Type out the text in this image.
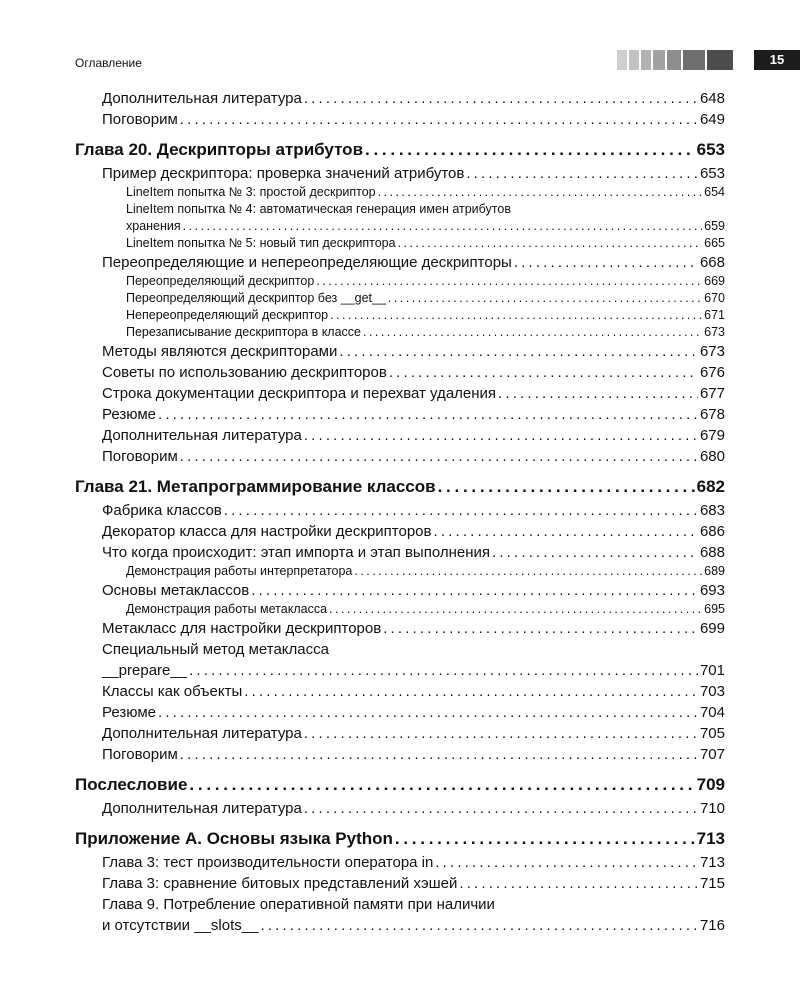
Оглавление	15
Дополнительная литература . . .	648
Поговорим . . .	649
Глава 20. Дескрипторы атрибутов . . .	653
Пример дескриптора: проверка значений атрибутов . . .	653
LineItem попытка № 3: простой дескриптор . . .	654
LineItem попытка № 4: автоматическая генерация имен атрибутов
хранения . . .	659
LineItem попытка № 5: новый тип дескриптора . . .	665
Переопределяющие и непереопределяющие дескрипторы . . .	668
Переопределяющий дескриптор . . .	669
Переопределяющий дескриптор без __get__ . . .	670
Непереопределяющий дескриптор . . .	671
Перезаписывание дескриптора в классе . . .	673
Методы являются дескрипторами . . .	673
Советы по использованию дескрипторов . . .	676
Строка документации дескриптора и перехват удаления . . .	677
Резюме . . .	678
Дополнительная литература . . .	679
Поговорим . . .	680
Глава 21. Метапрограммирование классов . . .	682
Фабрика классов . . .	683
Декоратор класса для настройки дескрипторов . . .	686
Что когда происходит: этап импорта и этап выполнения . . .	688
Демонстрация работы интерпретатора . . .	689
Основы метаклассов . . .	693
Демонстрация работы метакласса . . .	695
Метакласс для настройки дескрипторов . . .	699
Специальный метод метакласса
__prepare__ . . .	701
Классы как объекты . . .	703
Резюме . . .	704
Дополнительная литература . . .	705
Поговорим . . .	707
Послесловие . . .	709
Дополнительная литература . . .	710
Приложение А. Основы языка Python . . .	713
Глава 3: тест производительности оператора in . . .	713
Глава 3: сравнение битовых представлений хэшей . . .	715
Глава 9. Потребление оперативной памяти при наличии
и отсутствии __slots__ . . .	716
